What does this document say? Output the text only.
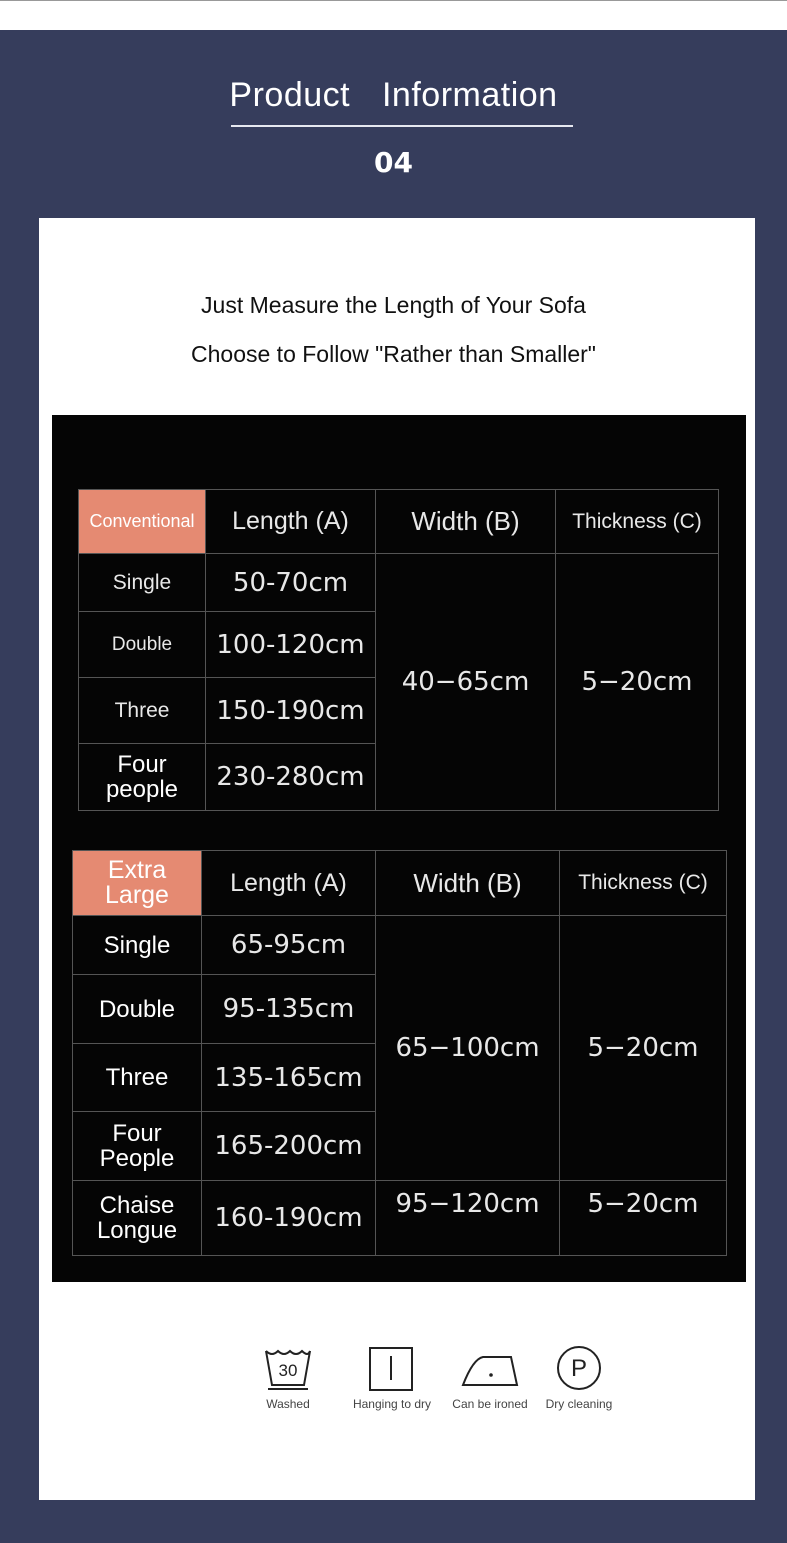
Product  Information
04
Just Measure the Length of Your Sofa
Choose to Follow "Rather than Smaller"
Conventional	Length (A)	Width (B)	Thickness (C)
Single	50-70cm	40−65cm	5−20cm
Double	100-120cm		
Three	150-190cm		
Four people	230-280cm		
Extra Large	Length (A)	Width (B)	Thickness (C)
Single	65-95cm	65−100cm	5−20cm
Double	95-135cm		
Three	135-165cm		
Four People	165-200cm		
Chaise Longue	160-190cm	95−120cm	5−20cm
30
Washed	Hanging to dry	Can be ironed
P
Dry cleaning
